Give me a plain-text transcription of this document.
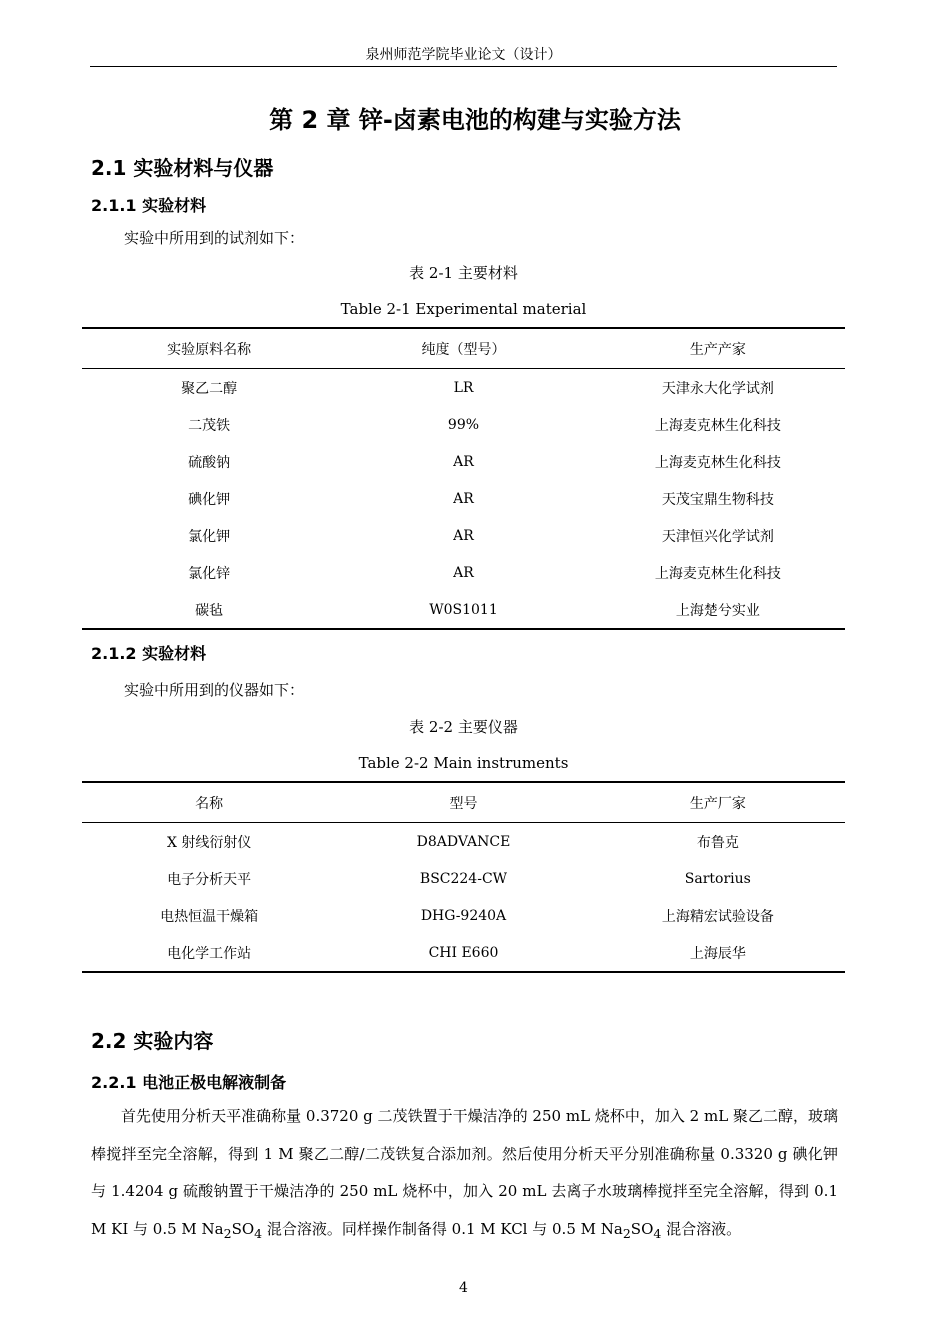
泉州师范学院毕业论文（设计）
第 2 章 锌-卤素电池的构建与实验方法
2.1 实验材料与仪器
2.1.1 实验材料
实验中所用到的试剂如下：
表 2-1 主要材料
Table 2-1 Experimental material
实验原料名称	纯度（型号）	生产产家
聚乙二醇	LR	天津永大化学试剂
二茂铁	99%	上海麦克林生化科技
硫酸钠	AR	上海麦克林生化科技
碘化钾	AR	天茂宝鼎生物科技
氯化钾	AR	天津恒兴化学试剂
氯化锌	AR	上海麦克林生化科技
碳毡	W0S1011	上海楚兮实业
2.1.2 实验材料
实验中所用到的仪器如下：
表 2-2 主要仪器
Table 2-2 Main instruments
名称	型号	生产厂家
X 射线衍射仪	D8ADVANCE	布鲁克
电子分析天平	BSC224-CW	Sartorius
电热恒温干燥箱	DHG-9240A	上海精宏试验设备
电化学工作站	CHI E660	上海辰华
2.2 实验内容
2.2.1 电池正极电解液制备

首先使用分析天平准确称量 0.3720 g 二茂铁置于干燥洁净的 250 mL 烧杯中，加入 2 mL 聚乙二醇，玻璃棒搅拌至完全溶解，得到 1 M 聚乙二醇/二茂铁复合添加剂。然后使用分析天平分别准确称量 0.3320 g 碘化钾与 1.4204 g 硫酸钠置于干燥洁净的 250 mL 烧杯中，加入 20 mL 去离子水玻璃棒搅拌至完全溶解，得到 0.1 M KI 与 0.5 M $Na_2SO_4$ 混合溶液。同样操作制备得 0.1 M KCl 与 0.5 M $Na_2SO_4$ 混合溶液。

4
